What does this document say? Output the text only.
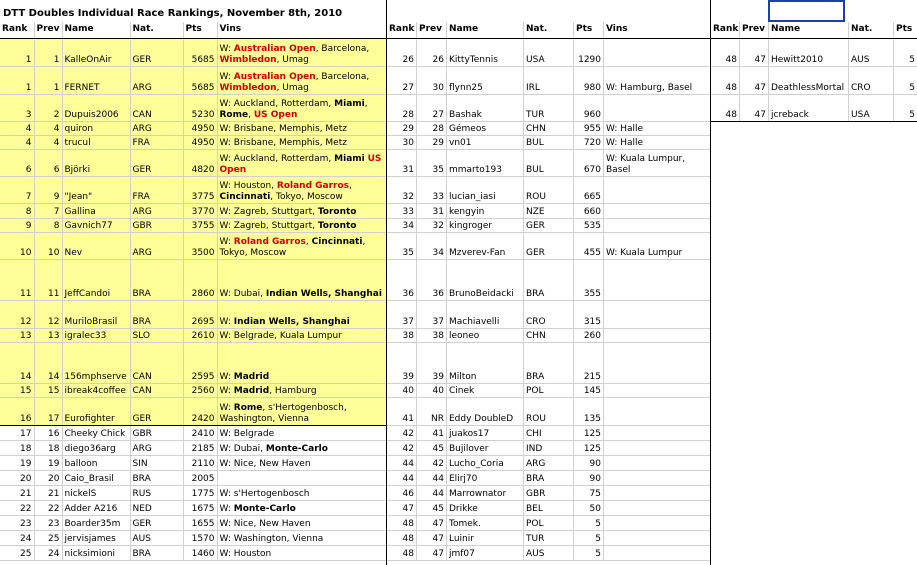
DTT Doubles Individual Race Rankings, November 8th, 2010
Rank	Prev	Name	Nat.	Pts	Vins
1	1	KalleOnAir	GER	5685	W: Australian Open, Barcelona, Wimbledon, Umag
1	1	FERNET	ARG	5685	W: Australian Open, Barcelona, Wimbledon, Umag
3	2	Dupuis2006	CAN	5230	W: Auckland, Rotterdam, Miami, Rome, US Open
4	4	quiron	ARG	4950	W: Brisbane, Memphis, Metz
4	4	trucul	FRA	4950	W: Brisbane, Memphis, Metz
6	6	Björki	GER	4820	W: Auckland, Rotterdam, Miami US Open
7	9	"Jean"	FRA	3775	W: Houston, Roland Garros, Cincinnati, Tokyo, Moscow
8	7	Gallina	ARG	3770	W: Zagreb, Stuttgart, Toronto
9	8	Gavnich77	GBR	3755	W: Zagreb, Stuttgart, Toronto
10	10	Nev	ARG	3500	W: Roland Garros, Cincinnati, Tokyo, Moscow
11	11	JeffCandoi	BRA	2860	W: Dubai, Indian Wells, Shanghai
12	12	MuriloBrasil	BRA	2695	W: Indian Wells, Shanghai
13	13	igralec33	SLO	2610	W: Belgrade, Kuala Lumpur
14	14	156mphserve	CAN	2595	W: Madrid
15	15	ibreak4coffee	CAN	2560	W: Madrid, Hamburg
16	17	Eurofighter	GER	2420	W: Rome, s'Hertogenbosch, Washington, Vienna
17	16	Cheeky Chick	GBR	2410	W: Belgrade
18	18	diego36arg	ARG	2185	W: Dubai, Monte-Carlo
19	19	balloon	SIN	2110	W: Nice, New Haven
20	20	Caio_Brasil	BRA	2005	
21	21	nickelS	RUS	1775	W: s'Hertogenbosch
22	22	Adder A216	NED	1675	W: Monte-Carlo
23	23	Boarder35m	GER	1655	W: Nice, New Haven
24	25	jervisjames	AUS	1570	W: Washington, Vienna
25	24	nicksimioni	BRA	1460	W: Houston
Rank	Prev	Name	Nat.	Pts	Vins
26	26	KittyTennis	USA	1290	
27	30	flynn25	IRL	980	W: Hamburg, Basel
28	27	Bashak	TUR	960	
29	28	Gémeos	CHN	955	W: Halle
30	29	vn01	BUL	720	W: Halle
31	35	mmarto193	BUL	670	W: Kuala Lumpur, Basel
32	33	lucian_iasi	ROU	665	
33	31	kengyin	NZE	660	
34	32	kingroger	GER	535	
35	34	Mzverev-Fan	GER	455	W: Kuala Lumpur
36	36	BrunoBeidacki	BRA	355	
37	37	Machiavelli	CRO	315	
38	38	leoneo	CHN	260	
39	39	Milton	BRA	215	
40	40	Cinek	POL	145	
41	NR	Eddy DoubleD	ROU	135	
42	41	juakos17	CHI	125	
42	45	Bujilover	IND	125	
44	42	Lucho_Coria	ARG	90	
44	44	Elirj70	BRA	90	
46	44	Marrownator	GBR	75	
47	45	Drikke	BEL	50	
48	47	Tomek.	POL	5	
48	47	Luinir	TUR	5	
48	47	jmf07	AUS	5	
Rank	Prev	Name	Nat.	Pts
48	47	Hewitt2010	AUS	5
48	47	DeathlessMortal	CRO	5
48	47	jcreback	USA	5
